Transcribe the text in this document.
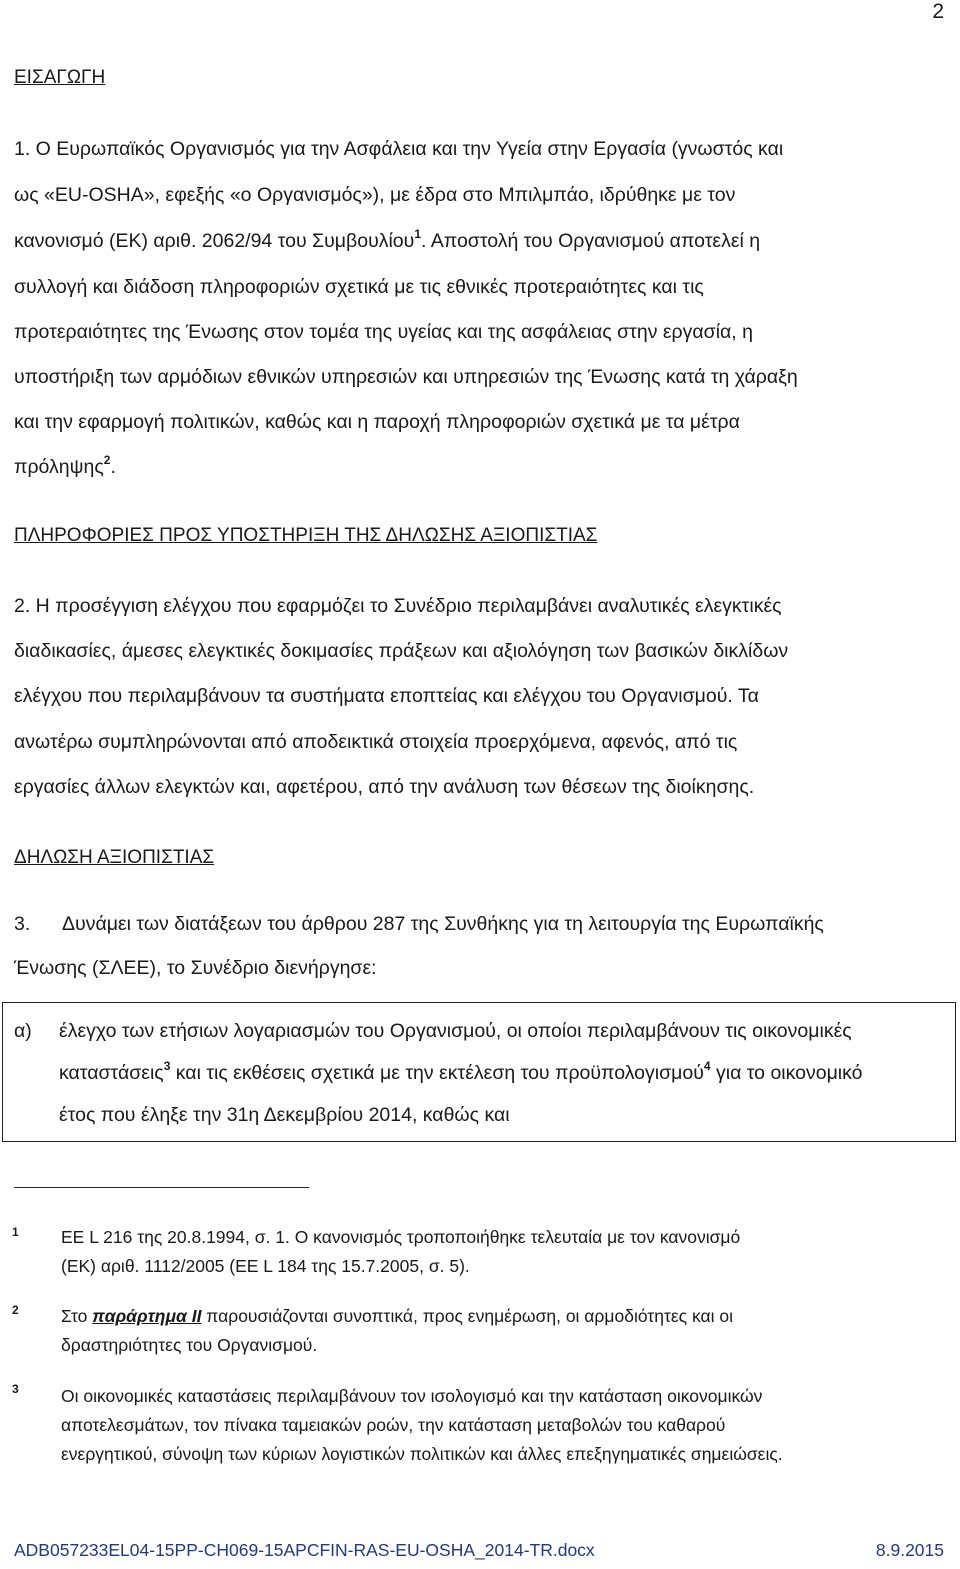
2
ΕΙΣΑΓΩΓΗ
1. Ο Ευρωπαϊκός Οργανισμός για την Ασφάλεια και την Υγεία στην Εργασία (γνωστός και
ως «EU-OSHA», εφεξής «ο Οργανισμός»), με έδρα στο Μπιλμπάο, ιδρύθηκε με τον
κανονισμό (ΕΚ) αριθ. 2062/94 του Συμβουλίου$^1$. Αποστολή του Οργανισμού αποτελεί η
συλλογή και διάδοση πληροφοριών σχετικά με τις εθνικές προτεραιότητες και τις
προτεραιότητες της Ένωσης στον τομέα της υγείας και της ασφάλειας στην εργασία, η
υποστήριξη των αρμόδιων εθνικών υπηρεσιών και υπηρεσιών της Ένωσης κατά τη χάραξη
και την εφαρμογή πολιτικών, καθώς και η παροχή πληροφοριών σχετικά με τα μέτρα
πρόληψης$^2$.
ΠΛΗΡΟΦΟΡΙΕΣ ΠΡΟΣ ΥΠΟΣΤΗΡΙΞΗ ΤΗΣ ΔΗΛΩΣΗΣ ΑΞΙΟΠΙΣΤΙΑΣ
2. Η προσέγγιση ελέγχου που εφαρμόζει το Συνέδριο περιλαμβάνει αναλυτικές ελεγκτικές
διαδικασίες, άμεσες ελεγκτικές δοκιμασίες πράξεων και αξιολόγηση των βασικών δικλίδων
ελέγχου που περιλαμβάνουν τα συστήματα εποπτείας και ελέγχου του Οργανισμού. Τα
ανωτέρω συμπληρώνονται από αποδεικτικά στοιχεία προερχόμενα, αφενός, από τις
εργασίες άλλων ελεγκτών και, αφετέρου, από την ανάλυση των θέσεων της διοίκησης.
ΔΗΛΩΣΗ ΑΞΙΟΠΙΣΤΙΑΣ
3. Δυνάμει των διατάξεων του άρθρου 287 της Συνθήκης για τη λειτουργία της Ευρωπαϊκής
Ένωσης (ΣΛΕΕ), το Συνέδριο διενήργησε:
α) έλεγχο των ετήσιων λογαριασμών του Οργανισμού, οι οποίοι περιλαμβάνουν τις οικονομικές
καταστάσεις$^3$ και τις εκθέσεις σχετικά με την εκτέλεση του προϋπολογισμού$^4$ για το οικονομικό
έτος που έληξε την 31η Δεκεμβρίου 2014, καθώς και
1 ΕΕ L 216 της 20.8.1994, σ. 1. Ο κανονισμός τροποποιήθηκε τελευταία με τον κανονισμό
(ΕΚ) αριθ. 1112/2005 (ΕΕ L 184 της 15.7.2005, σ. 5).
2 Στο παράρτημα ΙΙ παρουσιάζονται συνοπτικά, προς ενημέρωση, οι αρμοδιότητες και οι
δραστηριότητες του Οργανισμού.
3 Οι οικονομικές καταστάσεις περιλαμβάνουν τον ισολογισμό και την κατάσταση οικονομικών
αποτελεσμάτων, τον πίνακα ταμειακών ροών, την κατάσταση μεταβολών του καθαρού
ενεργητικού, σύνοψη των κύριων λογιστικών πολιτικών και άλλες επεξηγηματικές σημειώσεις.
ADB057233EL04-15PP-CH069-15APCFIN-RAS-EU-OSHA_2014-TR.docx	8.9.2015
